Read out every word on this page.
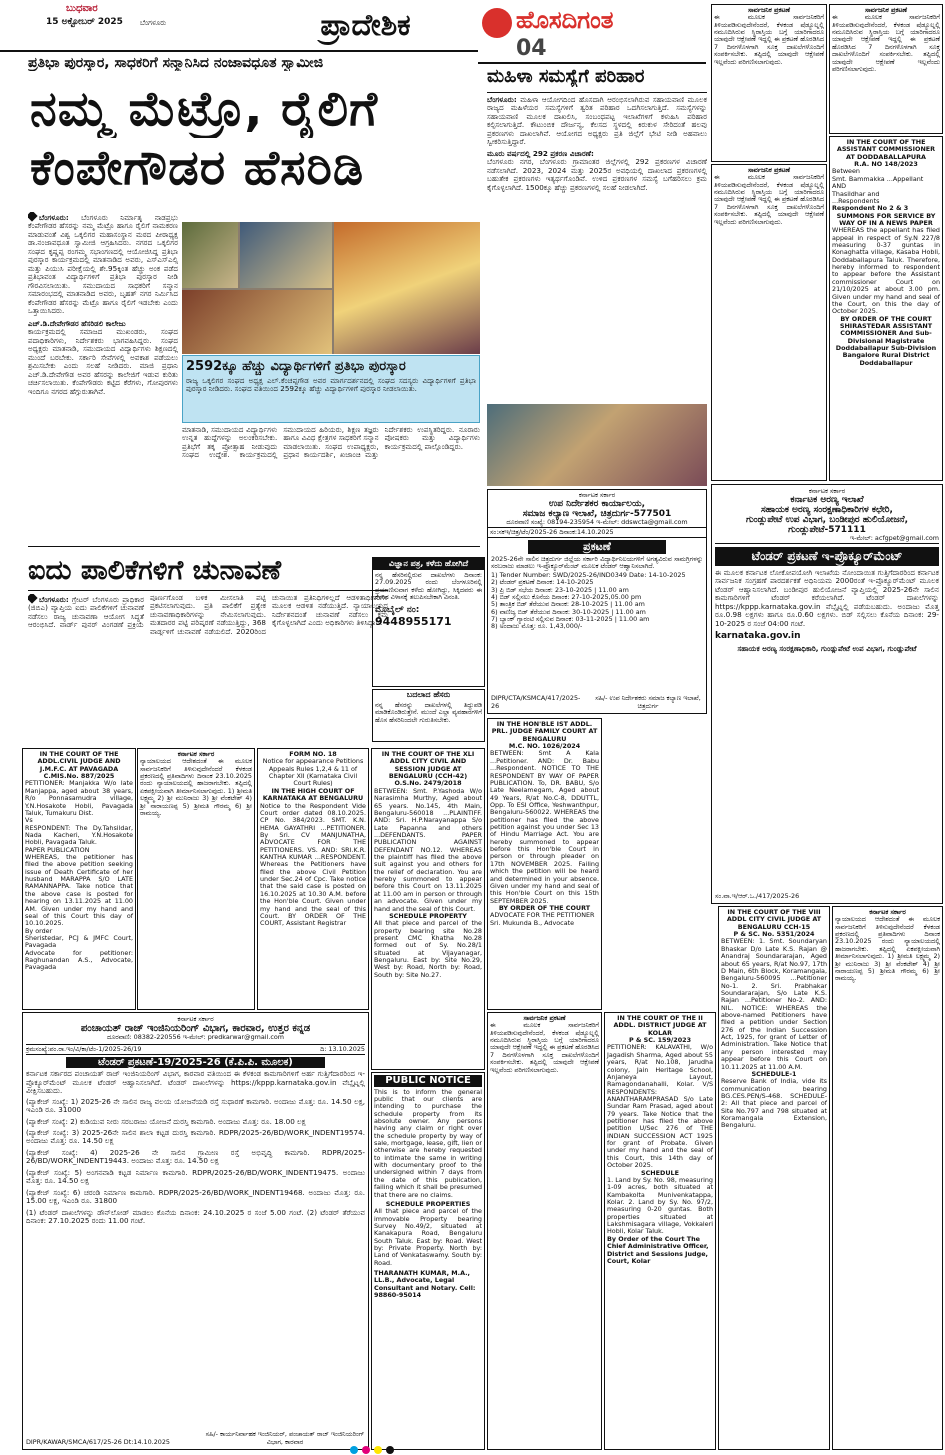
ಬುಧವಾರ
15 ಅಕ್ಟೋಬರ್ 2025 ಬೆಂಗಳೂರು	ಪ್ರಾದೇಶಿಕ	ಹೊಸದಿಗಂತ
04
ಪ್ರತಿಭಾ ಪುರಸ್ಕಾರ, ಸಾಧಕರಿಗೆ ಸನ್ಮಾನಿಸಿದ ನಂಜಾವಧೂತ ಸ್ವಾಮೀಜಿ
ನಮ್ಮ ಮೆಟ್ರೊ, ರೈಲಿಗೆ
ಕೆಂಪೇಗೌಡರ ಹೆಸರಿಡಿ
ಬೆಂಗಳೂರು: ಬೆಂಗಳೂರು ನಿರ್ಮಾತೃ ನಾಡಪ್ರಭು ಕೆಂಪೇಗೌಡರ ಹೆಸರನ್ನು ನಮ್ಮ ಮೆಟ್ರೊ ಹಾಗೂ ರೈಲಿಗೆ ನಾಮಕರಣ ಮಾಡುವಂತೆ ವಿಶ್ವ ಒಕ್ಕಲಿಗರ ಮಹಾಸಂಸ್ಥಾನ ಮಠದ ಪೀಠಾಧ್ಯಕ್ಷ ಡಾ.ನಂಜಾವಧೂತ ಸ್ವಾಮೀಜಿ ಆಗ್ರಹಿಸಿದರು. ನಗರದ ಒಕ್ಕಲಿಗರ ಸಂಘದ ಕೃಷ್ಣಪ್ಪ ರಂಗಮ್ಮ ಸಭಾಂಗಣದಲ್ಲಿ ಆಯೋಜಿಸಿದ್ದ ಪ್ರತಿಭಾ ಪುರಸ್ಕಾರ ಕಾರ್ಯಕ್ರಮದಲ್ಲಿ ಮಾತನಾಡಿದ ಅವರು, ಎಸ್ಎಸ್ಎಲ್ಸಿ ಮತ್ತು ಪಿಯುಸಿ ಪರೀಕ್ಷೆಯಲ್ಲಿ ಶೇ.95ಕ್ಕಿಂತ ಹೆಚ್ಚು ಅಂಕ ಪಡೆದ ಪ್ರತಿಭಾವಂತ ವಿದ್ಯಾರ್ಥಿಗಳಿಗೆ ಪ್ರತಿಭಾ ಪುರಸ್ಕಾರ ನೀಡಿ ಗೌರವಿಸಲಾಯಿತು. ಸಮುದಾಯದ ಸಾಧಕರಿಗೆ ಸನ್ಮಾನ ಸಮಾರಂಭದಲ್ಲಿ ಮಾತನಾಡಿದ ಅವರು, ಬೃಹತ್ ನಗರ ನಿರ್ಮಿಸಿದ ಕೆಂಪೇಗೌಡರ ಹೆಸರನ್ನು ಮೆಟ್ರೊ ಹಾಗೂ ರೈಲಿಗೆ ಇಡಬೇಕು ಎಂದು ಒತ್ತಾಯಿಸಿದರು.
ಎಚ್.ಡಿ.ದೇವೇಗೌಡರ ಹೆಸರಿಡಲಿ ಕಾಲೇಜು
ಕಾರ್ಯಕ್ರಮದಲ್ಲಿ ಸಮಾಜದ ಮುಖಂಡರು, ಸಂಘದ ಪದಾಧಿಕಾರಿಗಳು, ನಿರ್ದೇಶಕರು ಭಾಗವಹಿಸಿದ್ದರು. ಸಂಘದ ಅಧ್ಯಕ್ಷರು ಮಾತನಾಡಿ, ಸಮುದಾಯದ ವಿದ್ಯಾರ್ಥಿಗಳು ಶಿಕ್ಷಣದಲ್ಲಿ ಮುಂದೆ ಬರಬೇಕು. ಸರ್ಕಾರಿ ಸೇವೆಗಳಲ್ಲಿ ಅವಕಾಶ ಪಡೆಯಲು ಶ್ರಮಿಸಬೇಕು ಎಂದು ಸಲಹೆ ನೀಡಿದರು. ಮಾಜಿ ಪ್ರಧಾನಿ ಎಚ್.ಡಿ.ದೇವೇಗೌಡ ಅವರ ಹೆಸರನ್ನು ಕಾಲೇಜಿಗೆ ಇಡುವ ಕುರಿತು ಚರ್ಚಿಸಲಾಯಿತು. ಕೆಂಪೇಗೌಡರು ಕಟ್ಟಿದ ಕೆರೆಗಳು, ಗೋಪುರಗಳು ಇಂದಿಗೂ ನಗರದ ಹೆಗ್ಗುರುತಾಗಿವೆ.
2592ಕ್ಕೂ ಹೆಚ್ಚು ವಿದ್ಯಾರ್ಥಿಗಳಿಗೆ ಪ್ರತಿಭಾ ಪುರಸ್ಕಾರ
ರಾಜ್ಯ ಒಕ್ಕಲಿಗರ ಸಂಘದ ಅಧ್ಯಕ್ಷ ಎಲ್.ಕೆಂಚಪ್ಪಗೌಡ ಅವರ ಮಾರ್ಗದರ್ಶನದಲ್ಲಿ ಸಂಘದ ಸದಸ್ಯರು ವಿದ್ಯಾರ್ಥಿಗಳಿಗೆ ಪ್ರತಿಭಾ ಪುರಸ್ಕಾರ ನೀಡಿದರು. ಸಂಘದ ವತಿಯಿಂದ 2592ಕ್ಕೂ ಹೆಚ್ಚು ವಿದ್ಯಾರ್ಥಿಗಳಿಗೆ ಪುರಸ್ಕಾರ ನೀಡಲಾಯಿತು.
ಮಾತನಾಡಿ, ಸಮುದಾಯದ ವಿದ್ಯಾರ್ಥಿಗಳು ಉನ್ನತ ಹುದ್ದೆಗಳನ್ನು ಅಲಂಕರಿಸಬೇಕು. ಪ್ರತಿಭೆಗೆ ತಕ್ಕ ಪ್ರೋತ್ಸಾಹ ನೀಡುವುದು ಸಂಘದ ಉದ್ದೇಶ. ಕಾರ್ಯಕ್ರಮದಲ್ಲಿ ಸಮುದಾಯದ ಹಿರಿಯರು, ಶಿಕ್ಷಣ ತಜ್ಞರು ಹಾಗೂ ವಿವಿಧ ಕ್ಷೇತ್ರಗಳ ಸಾಧಕರಿಗೆ ಸನ್ಮಾನ ಮಾಡಲಾಯಿತು. ಸಂಘದ ಉಪಾಧ್ಯಕ್ಷರು, ಪ್ರಧಾನ ಕಾರ್ಯದರ್ಶಿ, ಖಜಾಂಚಿ ಮತ್ತು ನಿರ್ದೇಶಕರು ಉಪಸ್ಥಿತರಿದ್ದರು. ನೂರಾರು ಪೋಷಕರು ಮತ್ತು ವಿದ್ಯಾರ್ಥಿಗಳು ಕಾರ್ಯಕ್ರಮದಲ್ಲಿ ಪಾಲ್ಗೊಂಡಿದ್ದರು.
ಮಹಿಳಾ ಸಮಸ್ಯೆಗೆ ಪರಿಹಾರ
ಬೆಂಗಳೂರು: ಮಹಿಳಾ ಆಯೋಗದಿಂದ ಹೊಸದಾಗಿ ಆರಂಭಿಸಲಾಗಿರುವ ಸಹಾಯವಾಣಿ ಮೂಲಕ ರಾಜ್ಯದ ಮಹಿಳೆಯರ ಸಮಸ್ಯೆಗಳಿಗೆ ತ್ವರಿತ ಪರಿಹಾರ ಒದಗಿಸಲಾಗುತ್ತಿದೆ. ಸಮಸ್ಯೆಗಳನ್ನು ಸಹಾಯವಾಣಿ ಮೂಲಕ ದಾಖಲಿಸಿ, ಸಂಬಂಧಪಟ್ಟ ಇಲಾಖೆಗಳಿಗೆ ಕಳುಹಿಸಿ ಪರಿಹಾರ ಕಲ್ಪಿಸಲಾಗುತ್ತಿದೆ. ಕೌಟುಂಬಿಕ ದೌರ್ಜನ್ಯ, ಕೆಲಸದ ಸ್ಥಳದಲ್ಲಿ ಕಿರುಕುಳ ಸೇರಿದಂತೆ ಹಲವು ಪ್ರಕರಣಗಳು ದಾಖಲಾಗಿವೆ. ಆಯೋಗದ ಅಧ್ಯಕ್ಷರು ಪ್ರತಿ ಜಿಲ್ಲೆಗೆ ಭೇಟಿ ನೀಡಿ ಅಹವಾಲು ಸ್ವೀಕರಿಸುತ್ತಿದ್ದಾರೆ.
ಮೂರು ವರ್ಷದಲ್ಲಿ 292 ಪ್ರಕರಣ ವಿಚಾರಣೆ:
ಬೆಂಗಳೂರು ನಗರ, ಬೆಂಗಳೂರು ಗ್ರಾಮಾಂತರ ಜಿಲ್ಲೆಗಳಲ್ಲಿ 292 ಪ್ರಕರಣಗಳ ವಿಚಾರಣೆ ನಡೆಸಲಾಗಿದೆ. 2023, 2024 ಮತ್ತು 2025ರ ಅವಧಿಯಲ್ಲಿ ದಾಖಲಾದ ಪ್ರಕರಣಗಳಲ್ಲಿ ಬಹುತೇಕ ಪ್ರಕರಣಗಳು ಇತ್ಯರ್ಥಗೊಂಡಿವೆ. ಉಳಿದ ಪ್ರಕರಣಗಳ ಸಮಸ್ಯೆ ಬಗೆಹರಿಸಲು ಕ್ರಮ ಕೈಗೊಳ್ಳಲಾಗಿದೆ. 1500ಕ್ಕೂ ಹೆಚ್ಚು ಪ್ರಕರಣಗಳಲ್ಲಿ ಸಲಹೆ ನೀಡಲಾಗಿದೆ.
ಕರ್ನಾಟಕ ಸರ್ಕಾರ
ಉಪ ನಿರ್ದೇಶಕರ ಕಾರ್ಯಾಲಯ,
ಸಮಾಜ ಕಲ್ಯಾಣ ಇಲಾಖೆ, ಚಿತ್ರದುರ್ಗ-577501
ದೂರವಾಣಿ ಸಂಖ್ಯೆ: 08194-235954 ಇ-ಮೇಲ್: ddswcta@gmail.com
ಸಂ:ಸಕಇ/ಚಿತ್ರ/ಟೆಂ/2025-26 ದಿನಾಂಕ:14.10.2025
ಪ್ರಕಟಣೆ
2025-26ನೇ ಸಾಲಿನ ಚಿತ್ರದುರ್ಗ ಜಿಲ್ಲೆಯ ಸರ್ಕಾರಿ ವಿದ್ಯಾರ್ಥಿನಿಲಯಗಳಿಗೆ ಅಗತ್ಯವಿರುವ ಸಾಮಗ್ರಿಗಳನ್ನು ಸರಬರಾಜು ಮಾಡಲು ಇ-ಪ್ರೊಕ್ಯೂರ್‌ಮೆಂಟ್ ಮೂಲಕ ಟೆಂಡರ್ ಆಹ್ವಾನಿಸಲಾಗಿದೆ.
1) Tender Number: SWD/2025-26/IND0349 Date: 14-10-2025
2) ಟೆಂಡರ್ ಪ್ರಕಟಣೆ ದಿನಾಂಕ: 14-10-2025
3) ಪ್ರಿ ಬಿಡ್ ಸಭೆಯ ದಿನಾಂಕ: 23-10-2025 | 11.00 am
4) ಬಿಡ್ ಸಲ್ಲಿಸಲು ಕೊನೆಯ ದಿನಾಂಕ: 27-10-2025,05.00 pm
5) ತಾಂತ್ರಿಕ ಬಿಡ್ ತೆರೆಯುವ ದಿನಾಂಕ: 28-10-2025 | 11.00 am
6) ವಾಣಿಜ್ಯ ಬಿಡ್ ತೆರೆಯುವ ದಿನಾಂಕ: 30-10-2025 | 11.00 am
7) ಬ್ಯಾಂಕ್ ಗ್ಯಾರಂಟಿ ಸಲ್ಲಿಸುವ ದಿನಾಂಕ: 03-11-2025 | 11.00 am
8) ಅಂದಾಜು ಮೊತ್ತ: ರೂ. 1,43,000/-
DIPR/CTA/KSMCA/417/2025-26
ಸಹಿ/- ಉಪ ನಿರ್ದೇಶಕರು ಸಮಾಜ ಕಲ್ಯಾಣ ಇಲಾಖೆ, ಚಿತ್ರದುರ್ಗ
ಐದು ಪಾಲಿಕೆಗಳಿಗೆ ಚುನಾವಣೆ
ಬೆಂಗಳೂರು: ಗ್ರೇಟರ್ ಬೆಂಗಳೂರು ಪ್ರಾಧಿಕಾರ (ಜಿಬಿಎ) ವ್ಯಾಪ್ತಿಯ ಐದು ಪಾಲಿಕೆಗಳಿಗೆ ಚುನಾವಣೆ ನಡೆಸಲು ರಾಜ್ಯ ಚುನಾವಣಾ ಆಯೋಗ ಸಿದ್ಧತೆ ಆರಂಭಿಸಿದೆ. ವಾರ್ಡ್ ಪುನರ್ ವಿಂಗಡಣೆ ಪ್ರಕ್ರಿಯೆ ಪೂರ್ಣಗೊಂಡ ಬಳಿಕ ಮೀಸಲಾತಿ ಪಟ್ಟಿ ಪ್ರಕಟಿಸಲಾಗುವುದು. ಪ್ರತಿ ಪಾಲಿಕೆಗೆ ಪ್ರತ್ಯೇಕ ಚುನಾವಣಾಧಿಕಾರಿಗಳನ್ನು ನೇಮಿಸಲಾಗುವುದು. ಮತದಾರರ ಪಟ್ಟಿ ಪರಿಷ್ಕರಣೆ ನಡೆಯುತ್ತಿದ್ದು, 368 ವಾರ್ಡ್ಗಳಿಗೆ ಚುನಾವಣೆ ನಡೆಯಲಿದೆ. 2020ರಿಂದ ಚುನಾಯಿತ ಪ್ರತಿನಿಧಿಗಳಿಲ್ಲದೆ ಆಡಳಿತಾಧಿಕಾರಿಗಳ ಮೂಲಕ ಆಡಳಿತ ನಡೆಯುತ್ತಿದೆ. ನ್ಯಾಯಾಲಯದ ನಿರ್ದೇಶನದಂತೆ ಚುನಾವಣೆ ನಡೆಸಲು ಕ್ರಮ ಕೈಗೊಳ್ಳಲಾಗಿದೆ ಎಂದು ಅಧಿಕಾರಿಗಳು ತಿಳಿಸಿದ್ದಾರೆ.
ವಿಜ್ಞಾನ ಪತ್ರ, ಕಳೆದು ಹೋಗಿದೆ
ನನ್ನ ಹೆಸರಿನಲ್ಲಿರುವ ದಾಖಲೆಗಳು ದಿನಾಂಕ: 27.09.2025 ರಂದು ಬೆಂಗಳೂರಿನಲ್ಲಿ ಪ್ರಯಾಣಿಸುವಾಗ ಕಳೆದು ಹೋಗಿದ್ದು, ಸಿಕ್ಕಿದವರು ಈ ಕೆಳಗಿನ ವಿಳಾಸಕ್ಕೆ ತಲುಪಿಸಬೇಕಾಗಿ ವಿನಂತಿ.
ಮೊಬೈಲ್ ನಂ: 9448955171
ಬದಲಾದ ಹೆಸರು
ನನ್ನ ಹೆಸರನ್ನು ದಾಖಲೆಗಳಲ್ಲಿ ತಿದ್ದುಪಡಿ ಮಾಡಿಕೊಂಡಿರುತ್ತೇನೆ. ಮುಂದೆ ಎಲ್ಲಾ ವ್ಯವಹಾರಗಳಿಗೆ ಹೊಸ ಹೆಸರಿನಿಂದಲೇ ಗುರುತಿಸಬೇಕು.
IN THE COURT OF THE ADDL.CIVIL JUDGE AND J.M.F.C. AT PAVAGADA
C.MIS.No. 887/2025
PETITIONER: Manjakka W/o late Manjappa, aged about 38 years, R/o Ponnasamudra village, Y.N.Hosakote Hobli, Pavagada Taluk, Tumakuru Dist.
Vs
RESPONDENT: The Dy.Tahsildar, Nada Kacheri, Y.N.Hosakote Hobli, Pavagada Taluk.
PAPER PUBLICATION
WHEREAS, the petitioner has filed the above petition seeking issue of Death Certificate of her husband MARAPPA S/O LATE RAMANNAPPA. Take notice that the above case is posted for hearing on 13.11.2025 at 11.00 AM. Given under my hand and seal of this Court this day of 10.10.2025.
By order
Sheristedar, PCJ & JMFC Court, Pavagada
Advocate for petitioner: Raghunandan A.S., Advocate, Pavagada
FORM NO. 18
Notice for appearance Petitions Appeals Rules 1,2,4 & 11 of Chapter XII (Karnataka Civil Court Rules)
IN THE HIGH COURT OF KARNATAKA AT BENGALURU
Notice to the Respondent Vide Court order dated 08.10.2025. CP No. 384/2023. SMT. K.N. HEMA GAYATHRI ...PETITIONER. By Sri. CV MANJUNATHA, ADVOCATE FOR THE PETITIONERS. VS. AND: SRI.K.R. KANTHA KUMAR ...RESPONDENT. Whereas the Petitioners have filed the above Civil Petition under Sec.24 of Cpc. Take notice that the said case is posted on 16.10.2025 at 10.30 A.M. before the Hon'ble Court. Given under my hand and the seal of this Court. BY ORDER OF THE COURT, Assistant Registrar
ಕರ್ನಾಟಕ ಸರ್ಕಾರ
ನ್ಯಾಯಾಲಯದ ಆದೇಶದಂತೆ ಈ ಮೂಲಕ ಸಾರ್ವಜನಿಕರಿಗೆ ತಿಳಿಸುವುದೇನೆಂದರೆ ಕೆಳಕಂಡ ಪ್ರಕರಣದಲ್ಲಿ ಪ್ರತಿವಾದಿಗಳು ದಿನಾಂಕ 23.10.2025 ರಂದು ನ್ಯಾಯಾಲಯದಲ್ಲಿ ಹಾಜರಾಗಬೇಕು. ತಪ್ಪಿದಲ್ಲಿ ಏಕಪಕ್ಷೀಯವಾಗಿ ತೀರ್ಮಾನಿಸಲಾಗುವುದು. 1) ಶ್ರೀಮತಿ ಲಕ್ಷ್ಮಮ್ಮ 2) ಶ್ರೀ ಮುನಿರಾಜು 3) ಶ್ರೀ ವೆಂಕಟೇಶ್ 4) ಶ್ರೀ ನಾರಾಯಣಪ್ಪ 5) ಶ್ರೀಮತಿ ಗೌರಮ್ಮ 6) ಶ್ರೀ ರಾಮಯ್ಯ.
IN THE COURT OF THE XLI ADDL CITY CIVIL AND SESSION JUDGE AT BENGALURU (CCH-42)
O.S.No. 2479/2018
BETWEEN: Smt. P.Yashoda W/o Narasimha Murthy, Aged about 65 years. No.145, 4th Main, Bengaluru-560018 ...PLAINTIFF. AND: Sri. H.P.Narayanappa S/o Late Papanna and others ...DEFENDANTS. PAPER PUBLICATION AGAINST DEFENDANT NO.12. WHEREAS the plaintiff has filed the above suit against you and others for the relief of declaration. You are hereby summoned to appear before this Court on 13.11.2025 at 11.00 am in person or through an advocate. Given under my hand and the seal of this Court.
SCHEDULE PROPERTY
All that piece and parcel of the property bearing site No.28 present CMC Khatha No.28 formed out of Sy. No.28/1 situated at Vijayanagar, Bengaluru. East by: Site No.29, West by: Road, North by: Road, South by: Site No.27.
IN THE HON'BLE IST ADDL. PRL. JUDGE FAMILY COURT AT BENGALURU
M.C. NO. 1026/2024
BETWEEN: Smt A Kala ...Petitioner. AND: Dr. Babu ...Respondent. NOTICE TO THE RESPONDENT BY WAY OF PAPER PUBLICATION. To, DR. BABU, S/o Late Neelamegam, Aged about 49 Years, R/at No.C-8, DDUTTL, Opp. To ESI Office, Yeshwanthpur, Bengaluru-560022. WHEREAS the petitioner has filed the above petition against you under Sec 13 of Hindu Marriage Act. You are hereby summoned to appear before this Hon'ble Court in person or through pleader on 17th NOVEMBER 2025. Failing which the petition will be heard and determined in your absence. Given under my hand and seal of this Hon'ble Court on this 15th SEPTEMBER 2025.
BY ORDER OF THE COURT
ADVOCATE FOR THE PETITIONER Sri. Mukunda B., Advocate
PUBLIC NOTICE
This is to inform the general public that our clients are intending to purchase the schedule property from its absolute owner. Any persons having any claim or right over the schedule property by way of sale, mortgage, lease, gift, lien or otherwise are hereby requested to intimate the same in writing with documentary proof to the undersigned within 7 days from the date of this publication, failing which it shall be presumed that there are no claims.
SCHEDULE PROPERTIES
All that piece and parcel of the immovable Property bearing Survey No.49/2, situated at Kanakapura Road, Bengaluru South Taluk. East by: Road. West by: Private Property. North by: Land of Venkataswamy. South by: Road.
THARANATH KUMAR, M.A., LL.B., Advocate, Legal Consultant and Notary. Cell: 98860-95014
IN THE COURT OF THE II ADDL. DISTRICT JUDGE AT KOLAR
P & SC. 159/2023
PETITIONER: KALAVATHI, W/o Jagadish Sharma, Aged about 55 years, R/at No.108, Jarudha colony, Jain Heritage School, Anjaneya Layout, Ramagondanahalli, Kolar. V/S RESPONDENTS: ANANTHARAMPRASAD S/o Late Sundar Ram Prasad, aged about 79 years. Take Notice that the petitioner has filed the above petition U/Sec 276 of THE INDIAN SUCCESSION ACT 1925 for grant of Probate. Given under my hand and the seal of this Court, this 14th day of October 2025.
SCHEDULE
1. Land by Sy. No. 98, measuring 1-09 acres, both situated at Kambakolta Munivenkatappa, Kolar. 2. Land by Sy. No. 97/2, measuring 0-20 guntas. Both properties situated at Lakshmisagara village, Vokkaleri Hobli, Kolar Taluk.
By Order of the Court The Chief Administrative Officer, District and Sessions Judge, Court, Kolar
IN THE COURT OF THE VIII ADDL CITY CIVIL JUDGE AT BENGALURU CCH-15
P & SC. No. 5351/2024
BETWEEN: 1. Smt. Soundaryan Bhaskar D/o Late K.S. Rajan @ Anandraj Soundararajan, Aged about 65 years, R/at No.97, 17th D Main, 6th Block, Koramangala, Bengaluru-560095 ...Petitioner No-1. 2. Sri. Prabhakar Soundararajan, S/o Late K.S. Rajan ...Petitioner No-2. AND: NIL. NOTICE: WHEREAS the above-named Petitioners have filed a petition under Section 276 of the Indian Succession Act, 1925, for grant of Letter of Administration. Take Notice that any person interested may appear before this Court on 10.11.2025 at 11.00 A.M.
SCHEDULE-1
Reserve Bank of India, vide its communication bearing BG.CES.PEN/S-468. SCHEDULE-2: All that piece and parcel of Site No.797 and 798 situated at Koramangala Extension, Bengaluru.
ಸಾರ್ವಜನಿಕ ಪ್ರಕಟಣೆ
ಈ ಮೂಲಕ ಸಾರ್ವಜನಿಕರಿಗೆ ತಿಳಿಯಪಡಿಸುವುದೇನೆಂದರೆ, ಕೆಳಕಂಡ ಷೆಡ್ಯೂಲ್ನಲ್ಲಿ ನಮೂದಿಸಿರುವ ಸ್ಥಿರಾಸ್ತಿಯ ಬಗ್ಗೆ ಯಾರಿಗಾದರೂ ಯಾವುದೇ ಆಕ್ಷೇಪಣೆ ಇದ್ದಲ್ಲಿ ಈ ಪ್ರಕಟಣೆ ಹೊರಡಿಸಿದ 7 ದಿನಗಳೊಳಗಾಗಿ ಸೂಕ್ತ ದಾಖಲೆಗಳೊಂದಿಗೆ ಸಂಪರ್ಕಿಸಬೇಕು. ತಪ್ಪಿದಲ್ಲಿ ಯಾವುದೇ ಆಕ್ಷೇಪಣೆ ಇಲ್ಲವೆಂದು ಪರಿಗಣಿಸಲಾಗುವುದು.
ಕರ್ನಾಟಕ ಸರ್ಕಾರ
ಪಂಚಾಯತ್ ರಾಜ್ ಇಂಜಿನಿಯರಿಂಗ್ ವಿಭಾಗ, ಕಾರವಾರ, ಉತ್ತರ ಕನ್ನಡ
ದೂರವಾಣಿ: 08382-220556 ಇ-ಮೇಲ್: predkarwar@gmail.com
ಕ್ರಮಸಂಖ್ಯೆ:ಪಂ.ರಾ.ಇಂ/ವಿ/ಕಾ/ಟೆಂ-1/2025-26/19	ದಿ: 13.10.2025
ಟೆಂಡರ್ ಪ್ರಕಟಣೆ-19/2025-26 (ಕೆ.ಪಿ.ಪಿ. ಮೂಲಕ)
ಕರ್ನಾಟಕ ಸರ್ಕಾರದ ಪಂಚಾಯತ್ ರಾಜ್ ಇಂಜಿನಿಯರಿಂಗ್ ವಿಭಾಗ, ಕಾರವಾರ ವತಿಯಿಂದ ಈ ಕೆಳಕಂಡ ಕಾಮಗಾರಿಗಳಿಗೆ ಅರ್ಹ ಗುತ್ತಿಗೆದಾರರಿಂದ ಇ-ಪ್ರೊಕ್ಯೂರ್‌ಮೆಂಟ್ ಮೂಲಕ ಟೆಂಡರ್ ಆಹ್ವಾನಿಸಲಾಗಿದೆ. ಟೆಂಡರ್ ದಾಖಲೆಗಳನ್ನು https://kppp.karnataka.gov.in ವೆಬ್ಸೈಟ್ನಲ್ಲಿ ವೀಕ್ಷಿಸಬಹುದು.
(ಪ್ಯಾಕೇಜ್ ಸಂಖ್ಯೆ: 1) 2025-26 ನೇ ಸಾಲಿನ ರಾಜ್ಯ ವಲಯ ಯೋಜನೆಯಡಿ ರಸ್ತೆ ಸುಧಾರಣೆ ಕಾಮಗಾರಿ. ಅಂದಾಜು ಮೊತ್ತ: ರೂ. 14.50 ಲಕ್ಷ, ಇಎಂಡಿ ರೂ. 31000
(ಪ್ಯಾಕೇಜ್ ಸಂಖ್ಯೆ: 2) ಕುಡಿಯುವ ನೀರು ಸರಬರಾಜು ಯೋಜನೆ ದುರಸ್ತಿ ಕಾಮಗಾರಿ. ಅಂದಾಜು ಮೊತ್ತ: ರೂ. 18.00 ಲಕ್ಷ
(ಪ್ಯಾಕೇಜ್ ಸಂಖ್ಯೆ: 3) 2025-26ನೇ ಸಾಲಿನ ಶಾಲಾ ಕಟ್ಟಡ ದುರಸ್ತಿ ಕಾಮಗಾರಿ. RDPR/2025-26/BD/WORK_INDENT19574. ಅಂದಾಜು ಮೊತ್ತ: ರೂ. 14.50 ಲಕ್ಷ
(ಪ್ಯಾಕೇಜ್ ಸಂಖ್ಯೆ: 4) 2025-26 ನೇ ಸಾಲಿನ ಗ್ರಾಮೀಣ ರಸ್ತೆ ಅಭಿವೃದ್ಧಿ ಕಾಮಗಾರಿ. RDPR/2025-26/BD/WORK_INDENT19443. ಅಂದಾಜು ಮೊತ್ತ: ರೂ. 14.50 ಲಕ್ಷ
(ಪ್ಯಾಕೇಜ್ ಸಂಖ್ಯೆ: 5) ಅಂಗನವಾಡಿ ಕಟ್ಟಡ ನಿರ್ಮಾಣ ಕಾಮಗಾರಿ. RDPR/2025-26/BD/WORK_INDENT19475. ಅಂದಾಜು ಮೊತ್ತ: ರೂ. 14.50 ಲಕ್ಷ
(ಪ್ಯಾಕೇಜ್ ಸಂಖ್ಯೆ: 6) ಚರಂಡಿ ನಿರ್ಮಾಣ ಕಾಮಗಾರಿ. RDPR/2025-26/BD/WORK_INDENT19468. ಅಂದಾಜು ಮೊತ್ತ: ರೂ. 15.00 ಲಕ್ಷ, ಇಎಂಡಿ ರೂ. 31800
(1) ಟೆಂಡರ್ ದಾಖಲೆಗಳನ್ನು ಡೌನ್‌ಲೋಡ್ ಮಾಡಲು ಕೊನೆಯ ದಿನಾಂಕ: 24.10.2025 ರ ಸಂಜೆ 5.00 ಗಂಟೆ. (2) ಟೆಂಡರ್ ತೆರೆಯುವ ದಿನಾಂಕ: 27.10.2025 ರಂದು 11.00 ಗಂಟೆ.
DIPR/KAWAR/SMCA/617/25-26 Dt:14.10.2025
ಸಹಿ/- ಕಾರ್ಯನಿರ್ವಾಹಕ ಇಂಜಿನಿಯರ್, ಪಂಚಾಯತ್ ರಾಜ್ ಇಂಜಿನಿಯರಿಂಗ್ ವಿಭಾಗ, ಕಾರವಾರ
ಸಾರ್ವಜನಿಕ ಪ್ರಕಟಣೆ
ಈ ಮೂಲಕ ಸಾರ್ವಜನಿಕರಿಗೆ ತಿಳಿಯಪಡಿಸುವುದೇನೆಂದರೆ, ಕೆಳಕಂಡ ಷೆಡ್ಯೂಲ್ನಲ್ಲಿ ನಮೂದಿಸಿರುವ ಸ್ಥಿರಾಸ್ತಿಯ ಬಗ್ಗೆ ಯಾರಿಗಾದರೂ ಯಾವುದೇ ಆಕ್ಷೇಪಣೆ ಇದ್ದಲ್ಲಿ ಈ ಪ್ರಕಟಣೆ ಹೊರಡಿಸಿದ 7 ದಿನಗಳೊಳಗಾಗಿ ಸೂಕ್ತ ದಾಖಲೆಗಳೊಂದಿಗೆ ಸಂಪರ್ಕಿಸಬೇಕು. ತಪ್ಪಿದಲ್ಲಿ ಯಾವುದೇ ಆಕ್ಷೇಪಣೆ ಇಲ್ಲವೆಂದು ಪರಿಗಣಿಸಲಾಗುವುದು.
ಸಾರ್ವಜನಿಕ ಪ್ರಕಟಣೆ
ಈ ಮೂಲಕ ಸಾರ್ವಜನಿಕರಿಗೆ ತಿಳಿಯಪಡಿಸುವುದೇನೆಂದರೆ, ಕೆಳಕಂಡ ಷೆಡ್ಯೂಲ್ನಲ್ಲಿ ನಮೂದಿಸಿರುವ ಸ್ಥಿರಾಸ್ತಿಯ ಬಗ್ಗೆ ಯಾರಿಗಾದರೂ ಯಾವುದೇ ಆಕ್ಷೇಪಣೆ ಇದ್ದಲ್ಲಿ ಈ ಪ್ರಕಟಣೆ ಹೊರಡಿಸಿದ 7 ದಿನಗಳೊಳಗಾಗಿ ಸೂಕ್ತ ದಾಖಲೆಗಳೊಂದಿಗೆ ಸಂಪರ್ಕಿಸಬೇಕು. ತಪ್ಪಿದಲ್ಲಿ ಯಾವುದೇ ಆಕ್ಷೇಪಣೆ ಇಲ್ಲವೆಂದು ಪರಿಗಣಿಸಲಾಗುವುದು.
IN THE COURT OF THE ASSISTANT COMMISSIONER AT DODDABALLAPURA
R.A. NO 148/2023
Between
Smt. Bammakka ...Appellant
AND
Thasildhar and
...Respondents
Respondent No 2 & 3
SUMMONS FOR SERVICE BY WAY OF IN A NEWS PAPER
WHEREAS the appellant has filed appeal in respect of Sy.N 227/8 measuring 0-37 guntas in Konaghatta village, Kasaba Hobli, Doddaballapura Taluk. Therefore, hereby informed to respondent to appear before the Assistant commissioner Court on 21/10/2025 at about 3.00 pm. Given under my hand and seal of the Court, on this the day of October 2025.
BY ORDER OF THE COURT SHIRASTEDAR ASSISTANT COMMISSIONER And Sub-Divisional Magistrate Doddaballapur Sub-Division Bangalore Rural District Doddaballapur
ಸಾರ್ವಜನಿಕ ಪ್ರಕಟಣೆ
ಈ ಮೂಲಕ ಸಾರ್ವಜನಿಕರಿಗೆ ತಿಳಿಯಪಡಿಸುವುದೇನೆಂದರೆ, ಕೆಳಕಂಡ ಷೆಡ್ಯೂಲ್ನಲ್ಲಿ ನಮೂದಿಸಿರುವ ಸ್ಥಿರಾಸ್ತಿಯ ಬಗ್ಗೆ ಯಾರಿಗಾದರೂ ಯಾವುದೇ ಆಕ್ಷೇಪಣೆ ಇದ್ದಲ್ಲಿ ಈ ಪ್ರಕಟಣೆ ಹೊರಡಿಸಿದ 7 ದಿನಗಳೊಳಗಾಗಿ ಸೂಕ್ತ ದಾಖಲೆಗಳೊಂದಿಗೆ ಸಂಪರ್ಕಿಸಬೇಕು. ತಪ್ಪಿದಲ್ಲಿ ಯಾವುದೇ ಆಕ್ಷೇಪಣೆ ಇಲ್ಲವೆಂದು ಪರಿಗಣಿಸಲಾಗುವುದು.
ಕರ್ನಾಟಕ ಸರ್ಕಾರ
ಕರ್ನಾಟಕ ಅರಣ್ಯ ಇಲಾಖೆ
ಸಹಾಯಕ ಅರಣ್ಯ ಸಂರಕ್ಷಣಾಧಿಕಾರಿಗಳ ಕಛೇರಿ,
ಗುಂಡ್ಲುಪೇಟೆ ಉಪ ವಿಭಾಗ, ಬಂಡೀಪುರ ಹುಲಿಯೋಜನೆ,
ಗುಂಡ್ಲುಪೇಟೆ-571111
ಇ-ಮೇಲ್: acfgpet@gmail.com
ಟೆಂಡರ್ ಪ್ರಕಟಣೆ ಇ-ಪ್ರೊಕ್ಯೂರ್‌ಮೆಂಟ್
ಈ ಮೂಲಕ ಕರ್ನಾಟಕ ಲೋಕೋಪಯೋಗಿ ಇಲಾಖೆಯ ನೋಂದಾಯಿತ ಗುತ್ತಿಗೆದಾರರಿಂದ ಕರ್ನಾಟಕ ಸಾರ್ವಜನಿಕ ಸಂಗ್ರಹಣೆ ಪಾರದರ್ಶಕತೆ ಅಧಿನಿಯಮ 2000ರಂತೆ ಇ-ಪ್ರೊಕ್ಯೂರ್‌ಮೆಂಟ್ ಮೂಲಕ ಟೆಂಡರ್ ಆಹ್ವಾನಿಸಲಾಗಿದೆ. ಬಂಡೀಪುರ ಹುಲಿಯೋಜನೆ ವ್ಯಾಪ್ತಿಯಲ್ಲಿ 2025-26ನೇ ಸಾಲಿನ ಕಾಮಗಾರಿಗಳಿಗೆ ಟೆಂಡರ್ ಕರೆಯಲಾಗಿದೆ. ಟೆಂಡರ್ ದಾಖಲೆಗಳನ್ನು https://kppp.karnataka.gov.in ವೆಬ್ಸೈಟ್ನಲ್ಲಿ ಪಡೆಯಬಹುದು. ಅಂದಾಜು ಮೊತ್ತ ರೂ.0.98 ಲಕ್ಷಗಳು ಹಾಗೂ ರೂ.0.60 ಲಕ್ಷಗಳು. ಬಿಡ್ ಸಲ್ಲಿಸಲು ಕೊನೆಯ ದಿನಾಂಕ: 29-10-2025 ರ ಸಂಜೆ 04:00 ಗಂಟೆ.
karnataka.gov.in
ಸಹಾಯಕ ಅರಣ್ಯ ಸಂರಕ್ಷಣಾಧಿಕಾರಿ, ಗುಂಡ್ಲುಪೇಟೆ ಉಪ ವಿಭಾಗ, ಗುಂಡ್ಲುಪೇಟೆ
ಸಂ.ವಾ.ಇ/ಆರ್.ಒ./417/2025-26
ಕರ್ನಾಟಕ ಸರ್ಕಾರ
ನ್ಯಾಯಾಲಯದ ಆದೇಶದಂತೆ ಈ ಮೂಲಕ ಸಾರ್ವಜನಿಕರಿಗೆ ತಿಳಿಸುವುದೇನೆಂದರೆ ಕೆಳಕಂಡ ಪ್ರಕರಣದಲ್ಲಿ ಪ್ರತಿವಾದಿಗಳು ದಿನಾಂಕ 23.10.2025 ರಂದು ನ್ಯಾಯಾಲಯದಲ್ಲಿ ಹಾಜರಾಗಬೇಕು. ತಪ್ಪಿದಲ್ಲಿ ಏಕಪಕ್ಷೀಯವಾಗಿ ತೀರ್ಮಾನಿಸಲಾಗುವುದು. 1) ಶ್ರೀಮತಿ ಲಕ್ಷ್ಮಮ್ಮ 2) ಶ್ರೀ ಮುನಿರಾಜು 3) ಶ್ರೀ ವೆಂಕಟೇಶ್ 4) ಶ್ರೀ ನಾರಾಯಣಪ್ಪ 5) ಶ್ರೀಮತಿ ಗೌರಮ್ಮ 6) ಶ್ರೀ ರಾಮಯ್ಯ.
